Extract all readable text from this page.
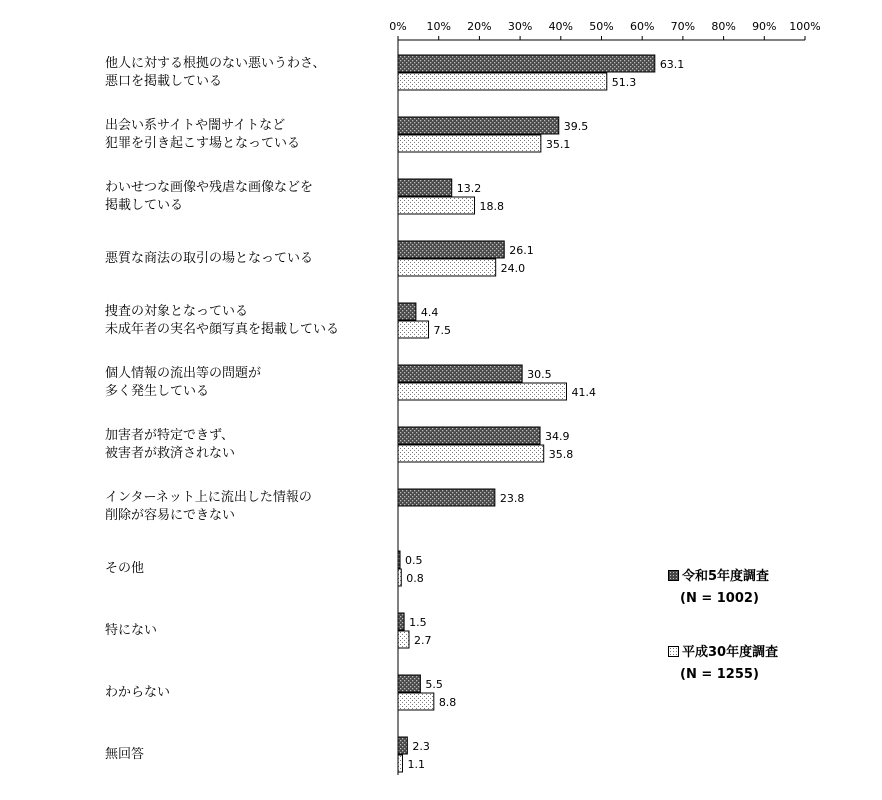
0% 10% 20% 30% 40% 50% 60% 70% 80% 90% 100%
63.1
51.3
39.5
35.1
13.2
18.8
26.1
24.0
4.4
7.5
30.5
41.4
34.9
35.8
23.8
0.5
0.8
1.5
2.7
5.5
8.8
2.3
1.1
他人に対する根拠のない悪いうわさ、
悪口を掲載している
出会い系サイトや闇サイトなど
犯罪を引き起こす場となっている
わいせつな画像や残虐な画像などを
掲載している
悪質な商法の取引の場となっている
捜査の対象となっている
未成年者の実名や顔写真を掲載している
個人情報の流出等の問題が
多く発生している
加害者が特定できず、
被害者が救済されない
インターネット上に流出した情報の
削除が容易にできない
その他
特にない
わからない
無回答
令和5年度調査
(N = 1002)
平成30年度調査
(N = 1255)
